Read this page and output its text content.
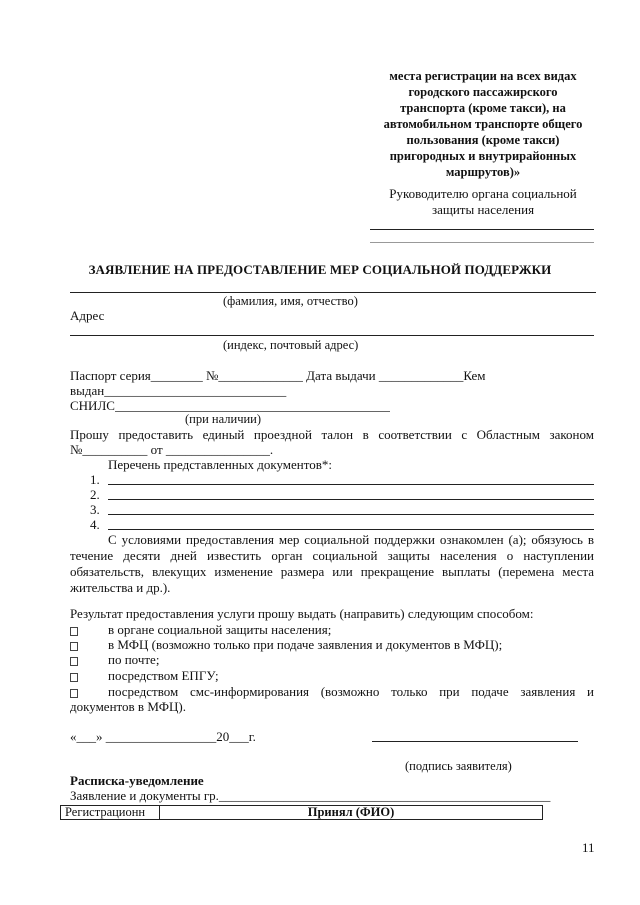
места регистрации на всех видах
городского пассажирского
транспорта (кроме такси), на
автомобильном транспорте общего
пользования (кроме такси)
пригородных и внутрирайонных
маршрутов)»
Руководителю органа социальной
защиты населения
ЗАЯВЛЕНИЕ НА ПРЕДОСТАВЛЕНИЕ МЕР СОЦИАЛЬНОЙ ПОДДЕРЖКИ
(фамилия, имя, отчество)
Адрес
(индекс, почтовый адрес)
Паспорт серия________ №_____________ Дата выдачи _____________Кем
выдан____________________________
СНИЛС
(при наличии)
Прошу предоставить единый проездной талон в соответствии с Областным законом
№__________ от ________________.
Перечень представленных документов*:
1.
2.
3.
4.
С условиями предоставления мер социальной поддержки ознакомлен (а); обязуюсь в течение десяти дней известить орган социальной защиты населения о наступлении обязательств, влекущих изменение размера или прекращение выплаты (перемена места жительства и др.).
Результат предоставления услуги прошу выдать (направить) следующим способом:
в органе социальной защиты населения;
в МФЦ (возможно только при подаче заявления и документов в МФЦ);
по почте;
посредством ЕПГУ;
посредством смс-информирования (возможно только при подаче заявления и
документов в МФЦ).
«___» _________________20___г.
(подпись заявителя)
Расписка-уведомление
Заявление и документы гр.___________________________________________________
Регистрационн	Принял (ФИО)
11
